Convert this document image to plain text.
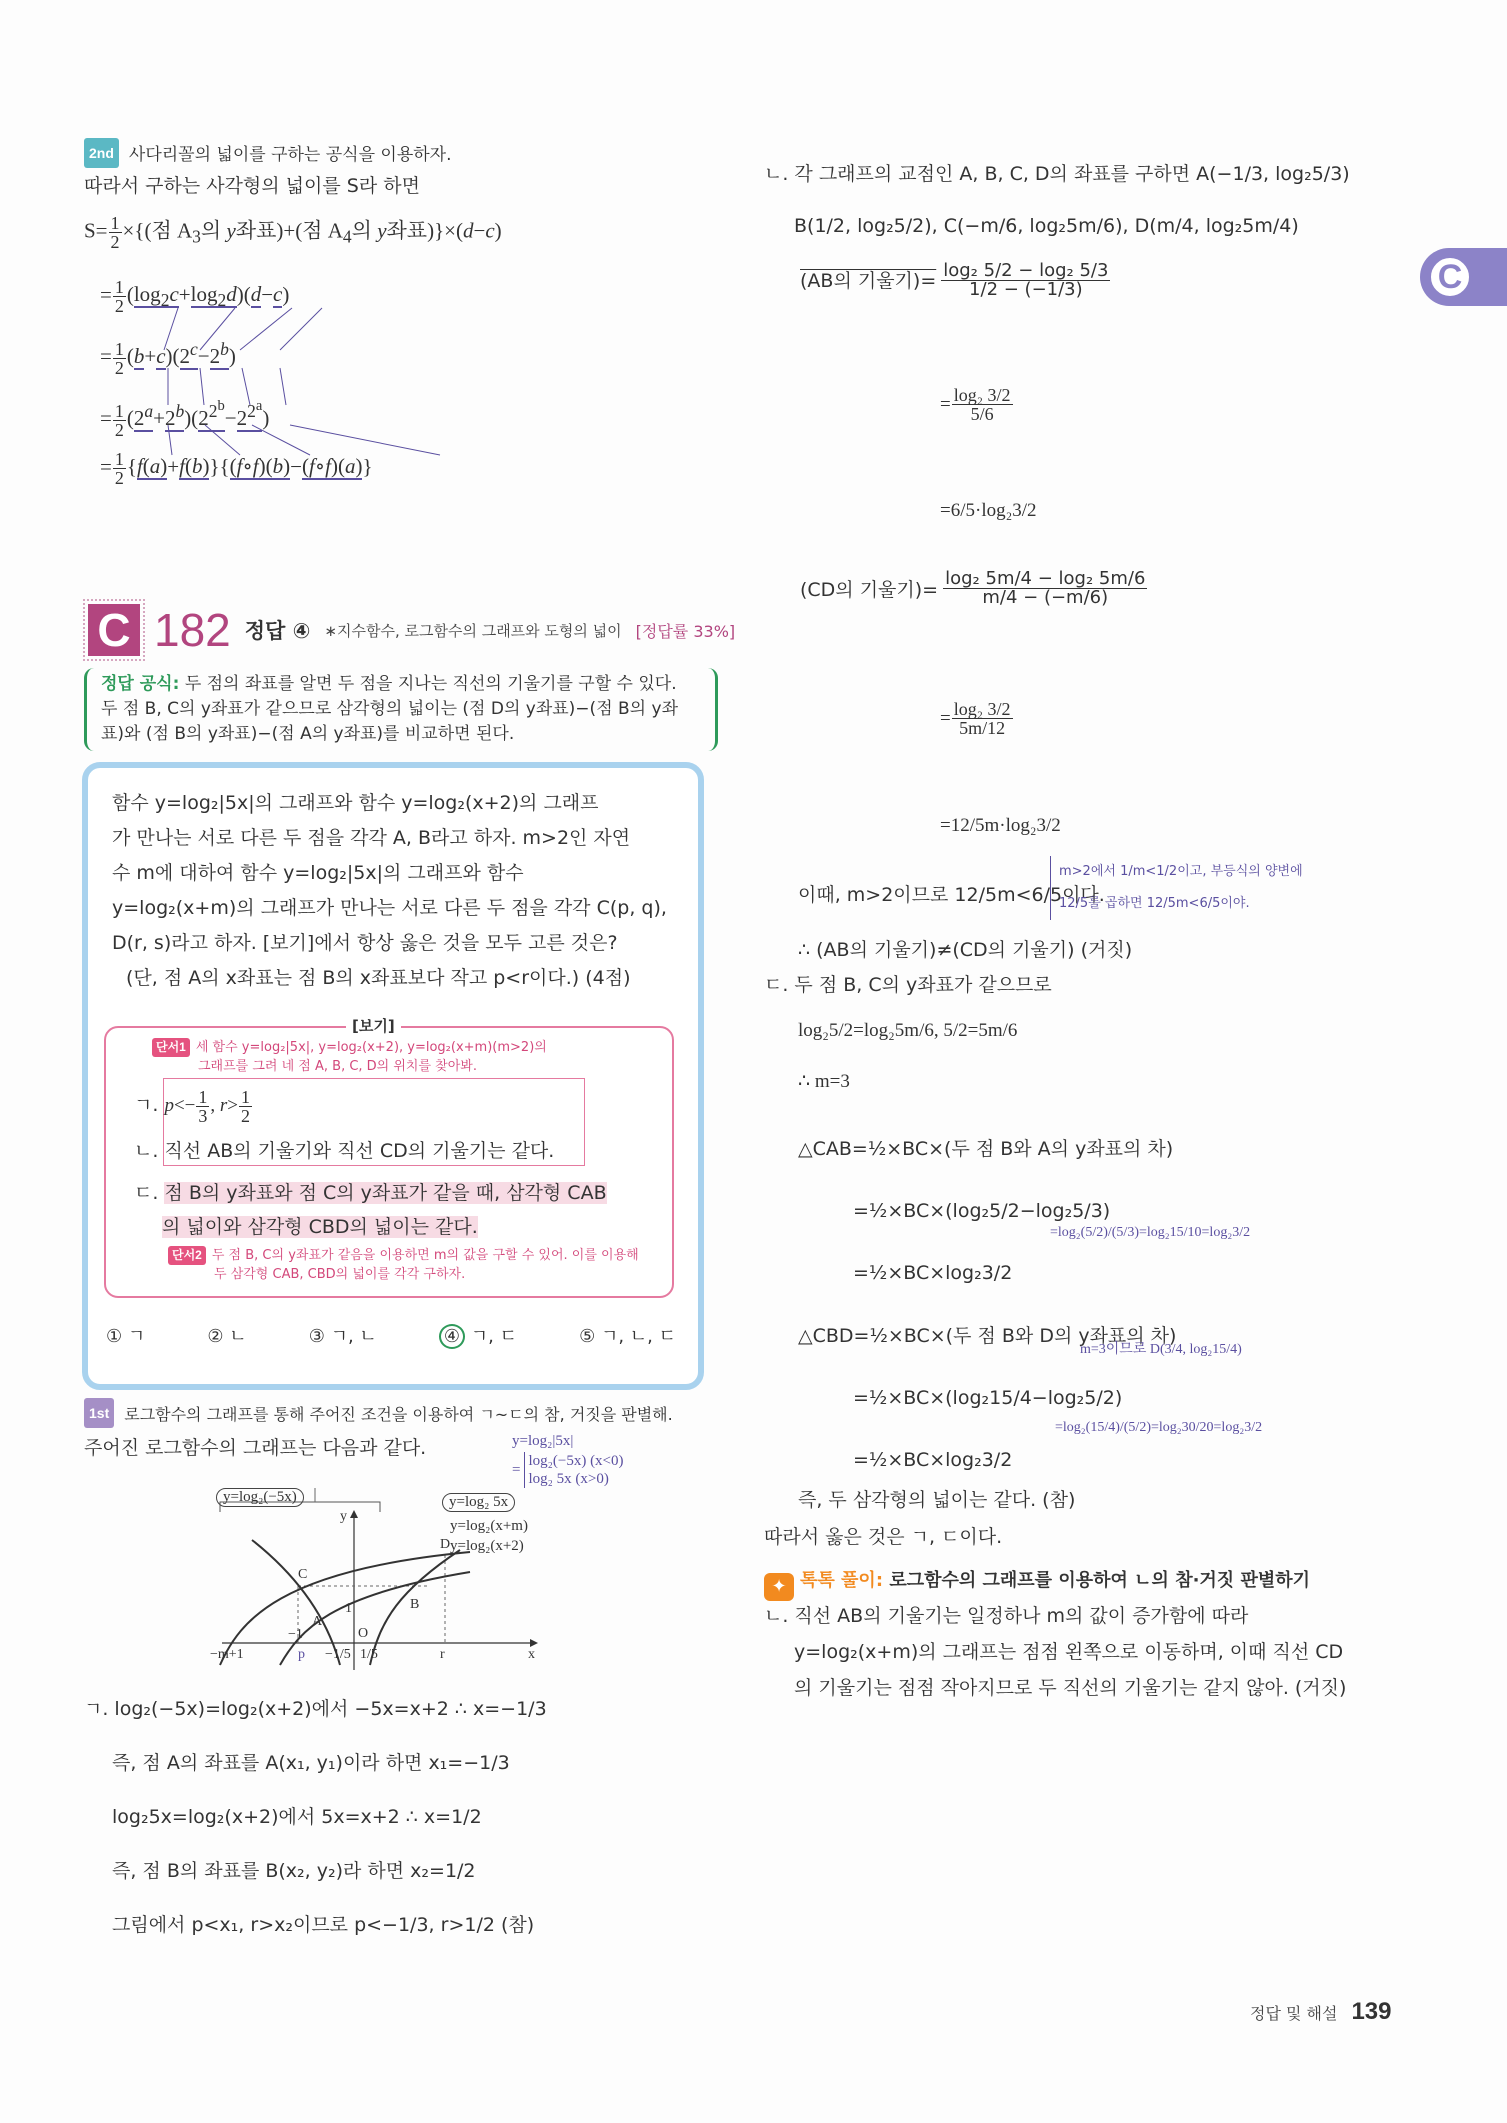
C
2nd 사다리꼴의 넓이를 구하는 공식을 이용하자.
따라서 구하는 사각형의 넓이를 S라 하면
$S= \frac{1}{2}$ ×{(점 $A_3$의 y좌표)+(점 $A_4$의 y좌표)}×(d−c)
= $\frac{1}{2} (\log_2c+\log_2d)(d-c)$
= $\frac{1}{2} (b+c)(2^c-2^b)$
= $\frac{1}{2} (2^a+2^b)(2^{2^b}-2^{2^a})$
= $\frac{1}{2}$ {f(a)+f(b)}{(f∘f)(b)−(f∘f)(a)}
C 182 정답 ④ ∗지수함수, 로그함수의 그래프와 도형의 넓이 [정답률 33%]
정답 공식: 두 점의 좌표를 알면 두 점을 지나는 직선의 기울기를 구할 수 있다.
두 점 B, C의 y좌표가 같으므로 삼각형의 넓이는 (점 D의 y좌표)−(점 B의 y좌
표)와 (점 B의 y좌표)−(점 A의 y좌표)를 비교하면 된다.
함수 y=log₂|5x|의 그래프와 함수 y=log₂(x+2)의 그래프
가 만나는 서로 다른 두 점을 각각 A, B라고 하자. m>2인 자연
수 m에 대하여 함수 y=log₂|5x|의 그래프와 함수
y=log₂(x+m)의 그래프가 만나는 서로 다른 두 점을 각각 C(p, q),
D(r, s)라고 하자. [보기]에서 항상 옳은 것을 모두 고른 것은?
(단, 점 A의 x좌표는 점 B의 x좌표보다 작고 p<r이다.) (4점)
[보기]
단서1 세 함수 y=log₂|5x|, y=log₂(x+2), y=log₂(x+m)(m>2)의
그래프를 그려 네 점 A, B, C, D의 위치를 찾아봐.
ㄱ. $p<- \frac{1}{3}$ , $r> \frac{1}{2}$
ㄴ. 직선 AB의 기울기와 직선 CD의 기울기는 같다.
ㄷ. 점 B의 y좌표와 점 C의 y좌표가 같을 때, 삼각형 CAB
의 넓이와 삼각형 CBD의 넓이는 같다.
단서2 두 점 B, C의 y좌표가 같음을 이용하면 m의 값을 구할 수 있어. 이를 이용해
두 삼각형 CAB, CBD의 넓이를 각각 구하자.
① ㄱ	② ㄴ	③ ㄱ, ㄴ	④ ㄱ, ㄷ	⑤ ㄱ, ㄴ, ㄷ
1st 로그함수의 그래프를 통해 주어진 조건을 이용하여 ㄱ~ㄷ의 참, 거짓을 판별해.
주어진 로그함수의 그래프는 다음과 같다.	y=log₂|5x|
=
log₂(−5x) (x<0)
log₂ 5x (x>0)
C
A
B
D
O
y
1
−1
−m+1	p −1/5 1/5	r	x
y=log₂(−5x)	y=log₂ 5x
y=log₂(x+m)
y=log₂(x+2)
ㄱ. log₂(−5x)=log₂(x+2)에서 −5x=x+2 ∴ x=−1/3
즉, 점 A의 좌표를 A(x₁, y₁)이라 하면 x₁=−1/3
log₂5x=log₂(x+2)에서 5x=x+2 ∴ x=1/2
즉, 점 B의 좌표를 B(x₂, y₂)라 하면 x₂=1/2
그림에서 p<x₁, r>x₂이므로 p<−1/3, r>1/2 (참)
ㄴ. 각 그래프의 교점인 A, B, C, D의 좌표를 구하면 A(−1/3, log₂5/3)
B(1/2, log₂5/2), C(−m/6, log₂5m/6), D(m/4, log₂5m/4)
(AB의 기울기)= $\frac{\text{log₂ 5/2 − log₂ 5/3}}{1/2 - (-1/3)}$
= $\frac{\text{log₂ 3/2}}{5/6}$
=6/5·log₂3/2
(CD의 기울기)= $\frac{\text{log₂ 5m/4 − log₂ 5m/6}}{m/4 - (-m/6)}$
= $\frac{\text{log₂ 3/2}}{5m/12}$
=12/5m·log₂3/2
이때, m>2이므로 12/5m<6/5이다.
m>2에서 1/m<1/2이고, 부등식의 양변에
12/5를 곱하면 12/5m<6/5이야.
∴ (AB의 기울기)≠(CD의 기울기) (거짓)
ㄷ. 두 점 B, C의 y좌표가 같으므로
log₂5/2=log₂5m/6, 5/2=5m/6
∴ m=3
△CAB=½×BC×(두 점 B와 A의 y좌표의 차)
=½×BC×(log₂5/2−log₂5/3)
=½×BC×log₂3/2
=log₂(5/2)/(5/3)=log₂15/10=log₂3/2
△CBD=½×BC×(두 점 B와 D의 y좌표의 차)
=½×BC×(log₂15/4−log₂5/2)
=½×BC×log₂3/2
m=3이므로 D(3/4, log₂15/4)
=log₂(15/4)/(5/2)=log₂30/20=log₂3/2
즉, 두 삼각형의 넓이는 같다. (참)
따라서 옳은 것은 ㄱ, ㄷ이다.
✦ 톡톡 풀이: 로그함수의 그래프를 이용하여 ㄴ의 참·거짓 판별하기
ㄴ. 직선 AB의 기울기는 일정하나 m의 값이 증가함에 따라
y=log₂(x+m)의 그래프는 점점 왼쪽으로 이동하며, 이때 직선 CD
의 기울기는 점점 작아지므로 두 직선의 기울기는 같지 않아. (거짓)
정답 및 해설 139
